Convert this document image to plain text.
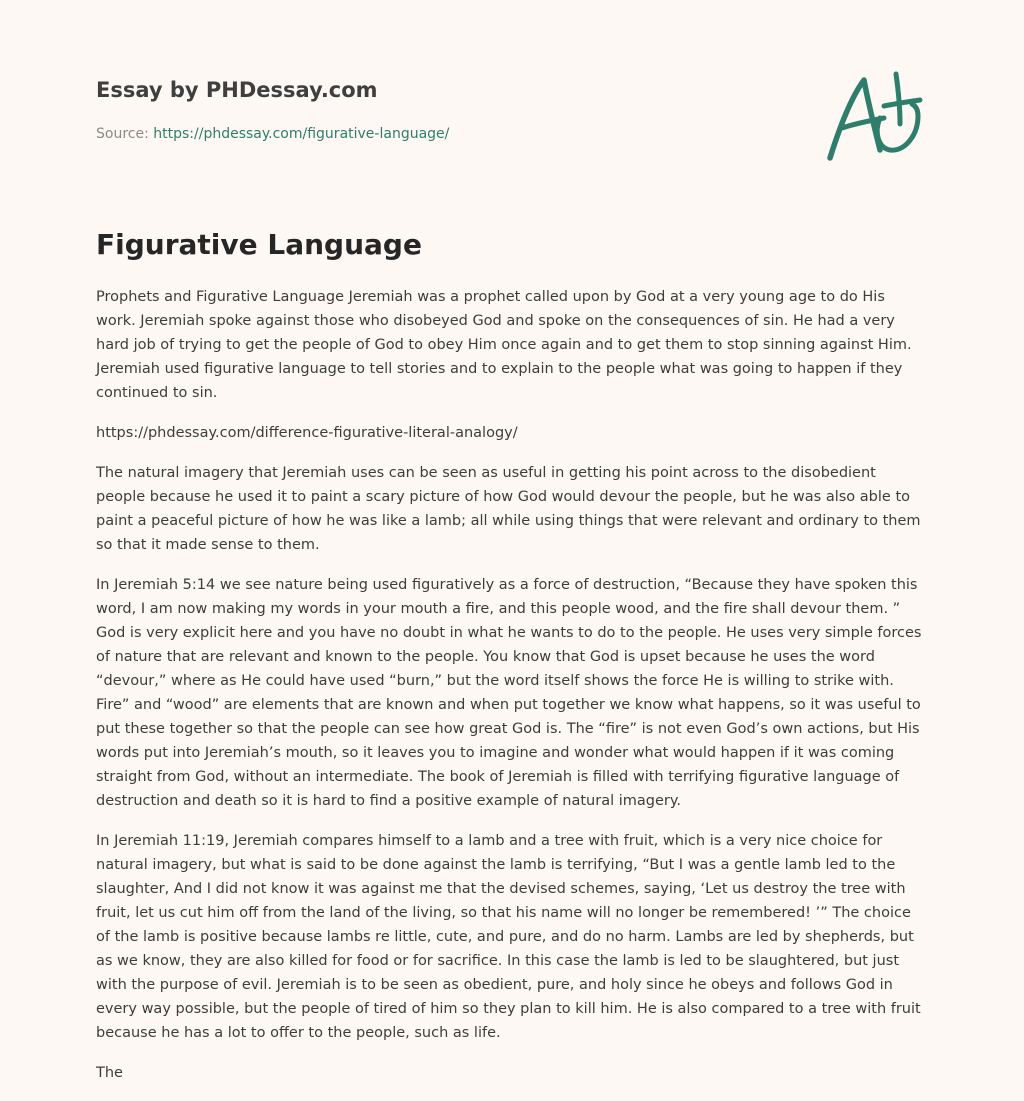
Essay by PHDessay.com
Source: https://phdessay.com/figurative-language/
Figurative Language

Prophets and Figurative Language Jeremiah was a prophet called upon by God at a very young age to do His work. Jeremiah spoke against those who disobeyed God and spoke on the consequences of sin. He had a very hard job of trying to get the people of God to obey Him once again and to get them to stop sinning against Him. Jeremiah used figurative language to tell stories and to explain to the people what was going to happen if they continued to sin.

https://phdessay.com/difference-figurative-literal-analogy/

The natural imagery that Jeremiah uses can be seen as useful in getting his point across to the disobedient people because he used it to paint a scary picture of how God would devour the people, but he was also able to paint a peaceful picture of how he was like a lamb; all while using things that were relevant and ordinary to them so that it made sense to them.

In Jeremiah 5:14 we see nature being used figuratively as a force of destruction, “Because they have spoken this word, I am now making my words in your mouth a fire, and this people wood, and the fire shall devour them. ” God is very explicit here and you have no doubt in what he wants to do to the people. He uses very simple forces of nature that are relevant and known to the people. You know that God is upset because he uses the word “devour,” where as He could have used “burn,” but the word itself shows the force He is willing to strike with. Fire” and “wood” are elements that are known and when put together we know what happens, so it was useful to put these together so that the people can see how great God is. The “fire” is not even God’s own actions, but His words put into Jeremiah’s mouth, so it leaves you to imagine and wonder what would happen if it was coming straight from God, without an intermediate. The book of Jeremiah is filled with terrifying figurative language of destruction and death so it is hard to find a positive example of natural imagery.

In Jeremiah 11:19, Jeremiah compares himself to a lamb and a tree with fruit, which is a very nice choice for natural imagery, but what is said to be done against the lamb is terrifying, “But I was a gentle lamb led to the slaughter, And I did not know it was against me that the devised schemes, saying, ‘Let us destroy the tree with fruit, let us cut him off from the land of the living, so that his name will no longer be remembered! ’” The choice of the lamb is positive because lambs re little, cute, and pure, and do no harm. Lambs are led by shepherds, but as we know, they are also killed for food or for sacrifice. In this case the lamb is led to be slaughtered, but just with the purpose of evil. Jeremiah is to be seen as obedient, pure, and holy since he obeys and follows God in every way possible, but the people of tired of him so they plan to kill him. He is also compared to a tree with fruit because he has a lot to offer to the people, such as life.

The
